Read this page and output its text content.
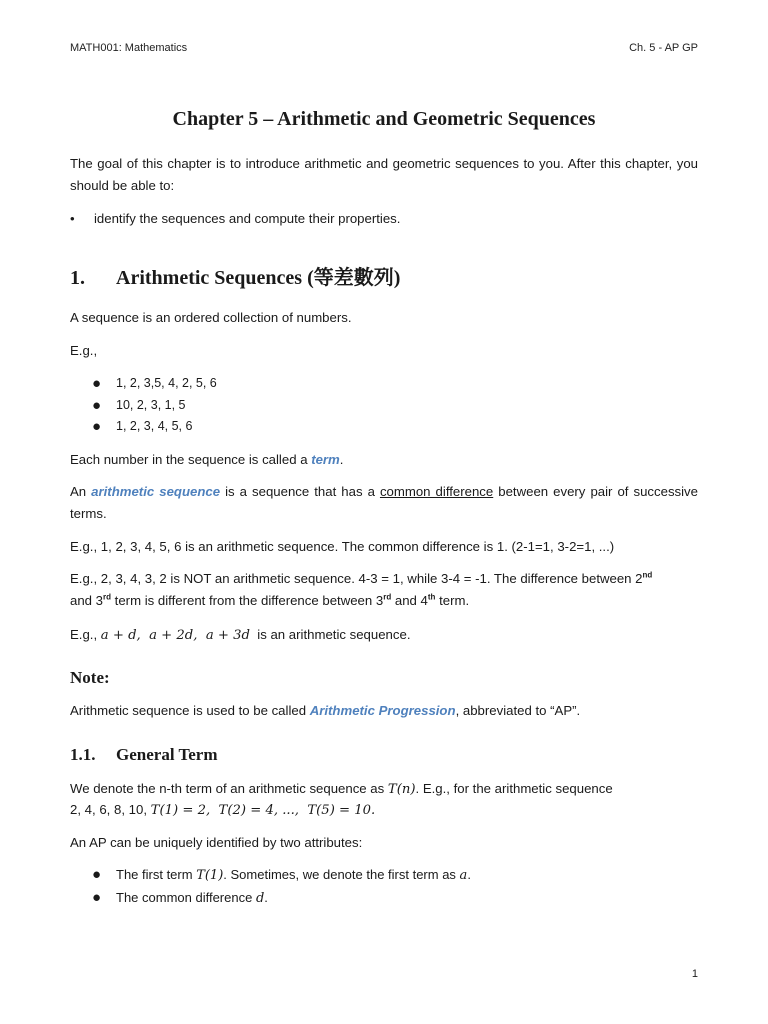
MATH001: Mathematics	Ch. 5 - AP GP
Chapter 5 – Arithmetic and Geometric Sequences

The goal of this chapter is to introduce arithmetic and geometric sequences to you. After this chapter, you should be able to:

• identify the sequences and compute their properties.
1. Arithmetic Sequences (等差數列)

A sequence is an ordered collection of numbers.

E.g.,

● 1, 2, 3,5, 4, 2, 5, 6
● 10, 2, 3, 1, 5
● 1, 2, 3, 4, 5, 6

Each number in the sequence is called a term.

An arithmetic sequence is a sequence that has a common difference between every pair of successive terms.

E.g., 1, 2, 3, 4, 5, 6 is an arithmetic sequence. The common difference is 1. (2-1=1, 3-2=1, ...)

E.g., 2, 3, 4, 3, 2 is NOT an arithmetic sequence. 4-3 = 1, while 3-4 = -1. The difference between 2nd
and 3rd term is different from the difference between 3rd and 4th term.

E.g., a + d,  a + 2d,  a + 3d  is an arithmetic sequence.

Note:

Arithmetic sequence is used to be called Arithmetic Progression, abbreviated to “AP”.

1.1. General Term

We denote the n-th term of an arithmetic sequence as T(n). E.g., for the arithmetic sequence

2, 4, 6, 8, 10, T(1) = 2,  T(2) = 4, ...,  T(5) = 10.

An AP can be uniquely identified by two attributes:

● The first term T(1). Sometimes, we denote the first term as a.
● The common difference d.
1
